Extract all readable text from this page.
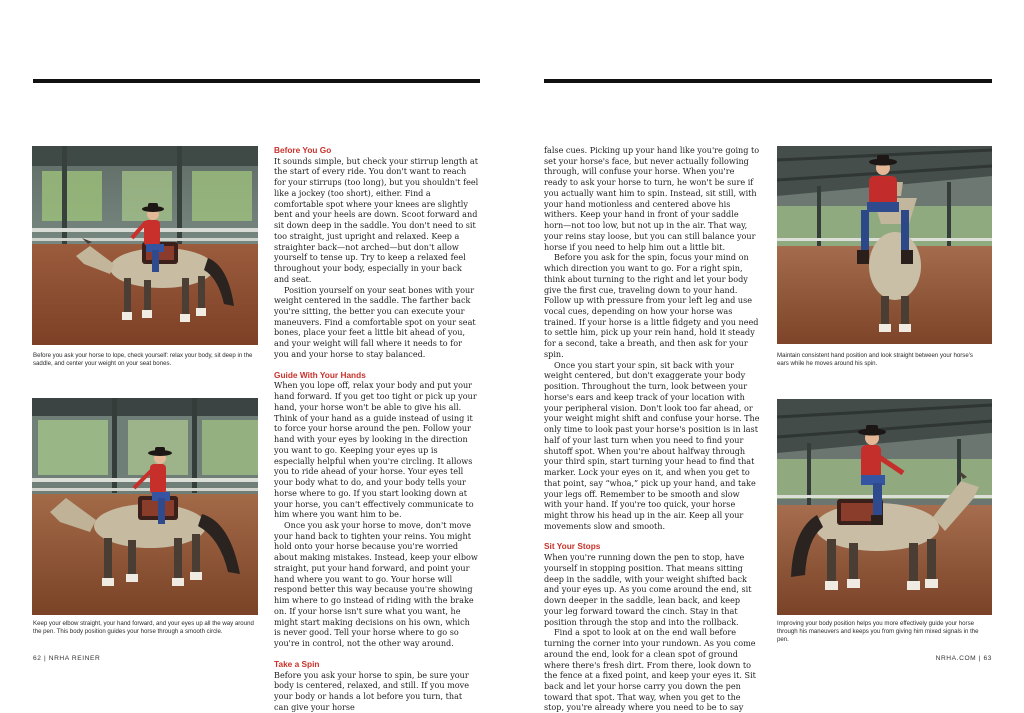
Before you ask your horse to lope, check yourself: relax your body, sit deep in the saddle, and center your weight on your seat bones.
Keep your elbow straight, your hand forward, and your eyes up all the way around the pen. This body position guides your horse through a smooth circle.
Before You Go

It sounds simple, but check your stirrup length at the start of every ride. You don't want to reach for your stirrups (too long), but you shouldn't feel like a jockey (too short), either. Find a comfortable spot where your knees are slightly bent and your heels are down. Scoot forward and sit down deep in the saddle. You don't need to sit too straight, just upright and relaxed. Keep a straighter back—not arched—but don't allow yourself to tense up. Try to keep a relaxed feel throughout your body, especially in your back and seat.

Position yourself on your seat bones with your weight centered in the saddle. The farther back you're sitting, the better you can execute your maneuvers. Find a comfortable spot on your seat bones, place your feet a little bit ahead of you, and your weight will fall where it needs to for you and your horse to stay balanced.

Guide With Your Hands

When you lope off, relax your body and put your hand forward. If you get too tight or pick up your hand, your horse won't be able to give his all. Think of your hand as a guide instead of using it to force your horse around the pen. Follow your hand with your eyes by looking in the direction you want to go. Keeping your eyes up is especially helpful when you're circling. It allows you to ride ahead of your horse. Your eyes tell your body what to do, and your body tells your horse where to go. If you start looking down at your horse, you can't effectively communicate to him where you want him to be.

Once you ask your horse to move, don't move your hand back to tighten your reins. You might hold onto your horse because you're worried about making mistakes. Instead, keep your elbow straight, put your hand forward, and point your hand where you want to go. Your horse will respond better this way because you're showing him where to go instead of riding with the brake on. If your horse isn't sure what you want, he might start making decisions on his own, which is never good. Tell your horse where to go so you're in control, not the other way around.

Take a Spin

Before you ask your horse to spin, be sure your body is centered, relaxed, and still. If you move your body or hands a lot before you turn, that can give your horse

false cues. Picking up your hand like you're going to set your horse's face, but never actually following through, will confuse your horse. When you're ready to ask your horse to turn, he won't be sure if you actually want him to spin. Instead, sit still, with your hand motionless and centered above his withers. Keep your hand in front of your saddle horn—not too low, but not up in the air. That way, your reins stay loose, but you can still balance your horse if you need to help him out a little bit.

Before you ask for the spin, focus your mind on which direction you want to go. For a right spin, think about turning to the right and let your body give the first cue, traveling down to your hand. Follow up with pressure from your left leg and use vocal cues, depending on how your horse was trained. If your horse is a little fidgety and you need to settle him, pick up your rein hand, hold it steady for a second, take a breath, and then ask for your spin.

Once you start your spin, sit back with your weight centered, but don't exaggerate your body position. Throughout the turn, look between your horse's ears and keep track of your location with your peripheral vision. Don't look too far ahead, or your weight might shift and confuse your horse. The only time to look past your horse's position is in last half of your last turn when you need to find your shutoff spot. When you're about halfway through your third spin, start turning your head to find that marker. Lock your eyes on it, and when you get to that point, say “whoa,” pick up your hand, and take your legs off. Remember to be smooth and slow with your hand. If you're too quick, your horse might throw his head up in the air. Keep all your movements slow and smooth.

Sit Your Stops

When you're running down the pen to stop, have yourself in stopping position. That means sitting deep in the saddle, with your weight shifted back and your eyes up. As you come around the end, sit down deeper in the saddle, lean back, and keep your leg forward toward the cinch. Stay in that position through the stop and into the rollback.

Find a spot to look at on the end wall before turning the corner into your rundown. As you come around the end, look for a clean spot of ground where there's fresh dirt. From there, look down to the fence at a fixed point, and keep your eyes it. Sit back and let your horse carry you down the pen toward that spot. That way, when you get to the stop, you're already where you need to be to say

Maintain consistent hand position and look straight between your horse's ears while he moves around his spin.
Improving your body position helps you more effectively guide your horse through his maneuvers and keeps you from giving him mixed signals in the pen.
62 | NRHA REINER	NRHA.COM | 63
